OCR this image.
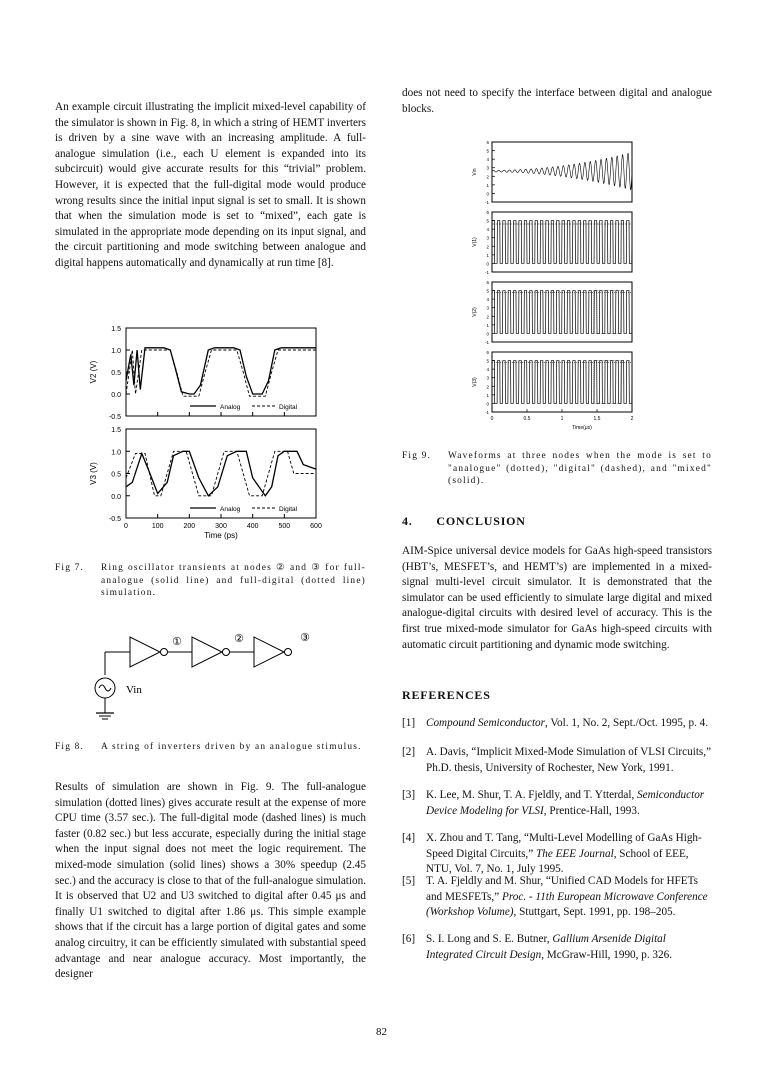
An example circuit illustrating the implicit mixed-level capability of the simulator is shown in Fig. 8, in which a string of HEMT inverters is driven by a sine wave with an increasing amplitude. A full-analogue simulation (i.e., each U element is expanded into its subcircuit) would give accurate results for this “trivial” problem. However, it is expected that the full-digital mode would produce wrong results since the initial input signal is set to small. It is shown that when the simulation mode is set to “mixed”, each gate is simulated in the appropriate mode depending on its input signal, and the circuit partitioning and mode switching between analogue and digital happens automatically and dynamically at run time [8].

-0.5
0.0
0.5
1.0
1.5
V2 (V)
Analog	Digital
-0.5
0.0
0.5
1.0
1.5
0	100	200	300	400	500	600
Time (ps)
V3 (V)
Analog	Digital
Fig 7. Ring oscillator transients at nodes ② and ③ for full-analogue (solid line) and full-digital (dotted line) simulation.
①	②	③
Vin
Fig 8. A string of inverters driven by an analogue stimulus.

Results of simulation are shown in Fig. 9. The full-analogue simulation (dotted lines) gives accurate result at the expense of more CPU time (3.57 sec.). The full-digital mode (dashed lines) is much faster (0.82 sec.) but less accurate, especially during the initial stage when the input signal does not meet the logic requirement. The mixed-mode simulation (solid lines) shows a 30% speedup (2.45 sec.) and the accuracy is close to that of the full-analogue simulation. It is observed that U2 and U3 switched to digital after 0.45 μs and finally U1 switched to digital after 1.86 μs. This simple example shows that if the circuit has a large portion of digital gates and some analog circuitry, it can be efficiently simulated with substantial speed advantage and near analogue accuracy. Most importantly, the designer

does not need to specify the interface between digital and analogue blocks.

-1
0
1
2
3
4
5
6
Vin
-1
0
1
2
3
4
5
6
V(1)
-1
0
1
2
3
4
5
6
V(2)
-1
0
1
2
3
4
5
6
V(3)
0	0.5	1	1.5	2
Time(μs)
Fig 9. Waveforms at three nodes when the mode is set to "analogue" (dotted), "digital" (dashed), and "mixed" (solid).
4. CONCLUSION

AIM-Spice universal device models for GaAs high-speed transistors (HBT’s, MESFET’s, and HEMT’s) are implemented in a mixed-signal multi-level circuit simulator. It is demonstrated that the simulator can be used efficiently to simulate large digital and mixed analogue-digital circuits with desired level of accuracy. This is the first true mixed-mode simulator for GaAs high-speed circuits with automatic circuit partitioning and dynamic mode switching.

REFERENCES
[1] Compound Semiconductor, Vol. 1, No. 2, Sept./Oct. 1995, p. 4.
[2] A. Davis, “Implicit Mixed-Mode Simulation of VLSI Circuits,” Ph.D. thesis, University of Rochester, New York, 1991.
[3] K. Lee, M. Shur, T. A. Fjeldly, and T. Ytterdal, Semiconductor Device Modeling for VLSI, Prentice-Hall, 1993.
[4] X. Zhou and T. Tang, “Multi-Level Modelling of GaAs High-Speed Digital Circuits,” The EEE Journal, School of EEE, NTU, Vol. 7, No. 1, July 1995.
[5] T. A. Fjeldly and M. Shur, “Unified CAD Models for HFETs and MESFETs,” Proc. - 11th European Microwave Conference (Workshop Volume), Stuttgart, Sept. 1991, pp. 198–205.
[6] S. I. Long and S. E. Butner, Gallium Arsenide Digital Integrated Circuit Design, McGraw-Hill, 1990, p. 326.
82
